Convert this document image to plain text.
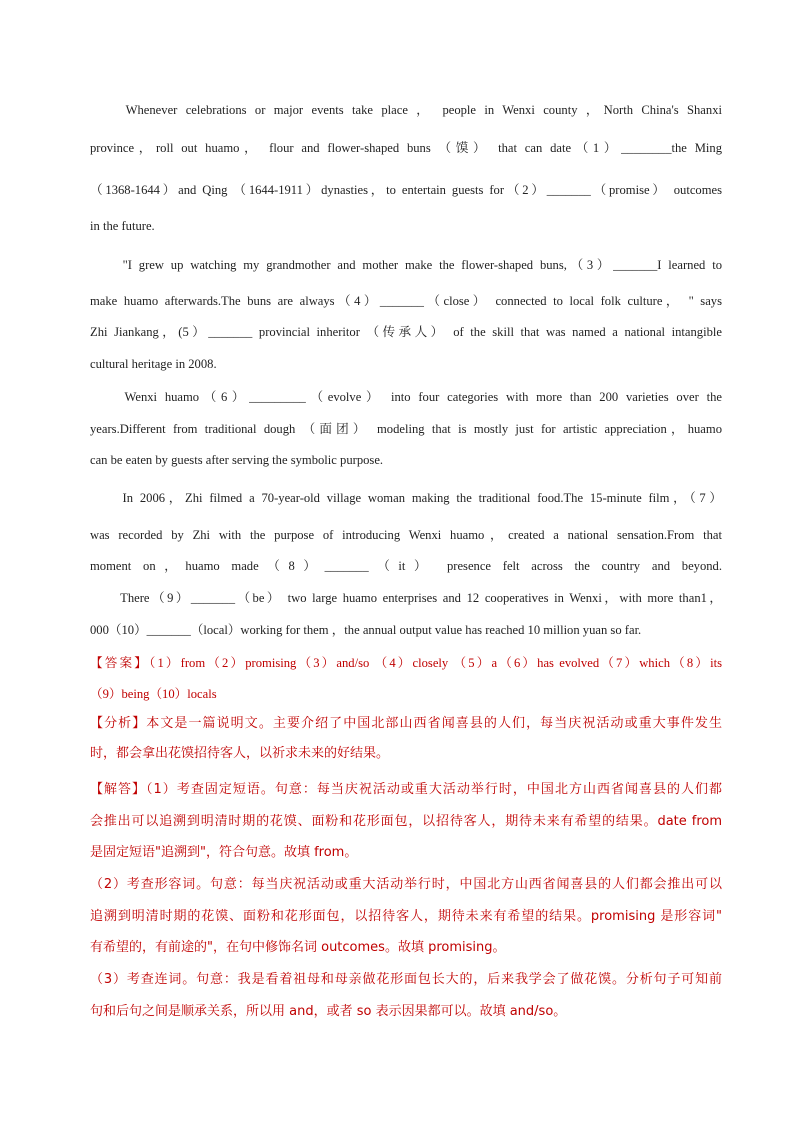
　　Whenever celebrations or major events take place ， people in Wenxi county ，North China's Shanxi
province，roll out huamo， flour and flower-shaped buns （馍） that can date（1）________the Ming
（1368-1644）and Qing （1644-1911）dynasties，to entertain guests for（2）_______（promise） outcomes
in the future.
　　"I grew up watching my grandmother and mother make the flower-shaped buns,（3）_______I learned to
make huamo afterwards.The buns are always（4）_______（close） connected to local folk culture， " says
Zhi Jiankang，(5）_______ provincial inheritor （传承人） of the skill that was named a national intangible
cultural heritage in 2008.
　　Wenxi huamo（6）_________（evolve） into four categories with more than 200 varieties over the
years.Different from traditional dough （面团） modeling that is mostly just for artistic appreciation，huamo
can be eaten by guests after serving the symbolic purpose.
　　In 2006，Zhi filmed a 70-year-old village woman making the traditional food.The 15-minute film，（7）
was recorded by Zhi with the purpose of introducing Wenxi huamo，created a national sensation.From that
moment on，huamo made（8）_______（it） presence felt across the country and beyond.
　　There（9）_______（be） two large huamo enterprises and 12 cooperatives in Wenxi，with more than1，
000（10）_______（local）working for them ，the annual output value has reached 10 million yuan so far.
【答案】（1）from（2）promising（3）and/so （4）closely （5）a（6）has evolved（7）which（8）its
（9）being（10）locals
【分析】本文是一篇说明文。主要介绍了中国北部山西省闻喜县的人们，每当庆祝活动或重大事件发生
时，都会拿出花馍招待客人，以祈求未来的好结果。
【解答】（1）考查固定短语。句意：每当庆祝活动或重大活动举行时，中国北方山西省闻喜县的人们都
会推出可以追溯到明清时期的花馍、面粉和花形面包，以招待客人，期待未来有希望的结果。date from
是固定短语"追溯到"，符合句意。故填 from。
（2）考查形容词。句意：每当庆祝活动或重大活动举行时，中国北方山西省闻喜县的人们都会推出可以
追溯到明清时期的花馍、面粉和花形面包，以招待客人，期待未来有希望的结果。promising 是形容词"
有希望的，有前途的"，在句中修饰名词 outcomes。故填 promising。
（3）考查连词。句意：我是看着祖母和母亲做花形面包长大的，后来我学会了做花馍。分析句子可知前
句和后句之间是顺承关系，所以用 and，或者 so 表示因果都可以。故填 and/so。
